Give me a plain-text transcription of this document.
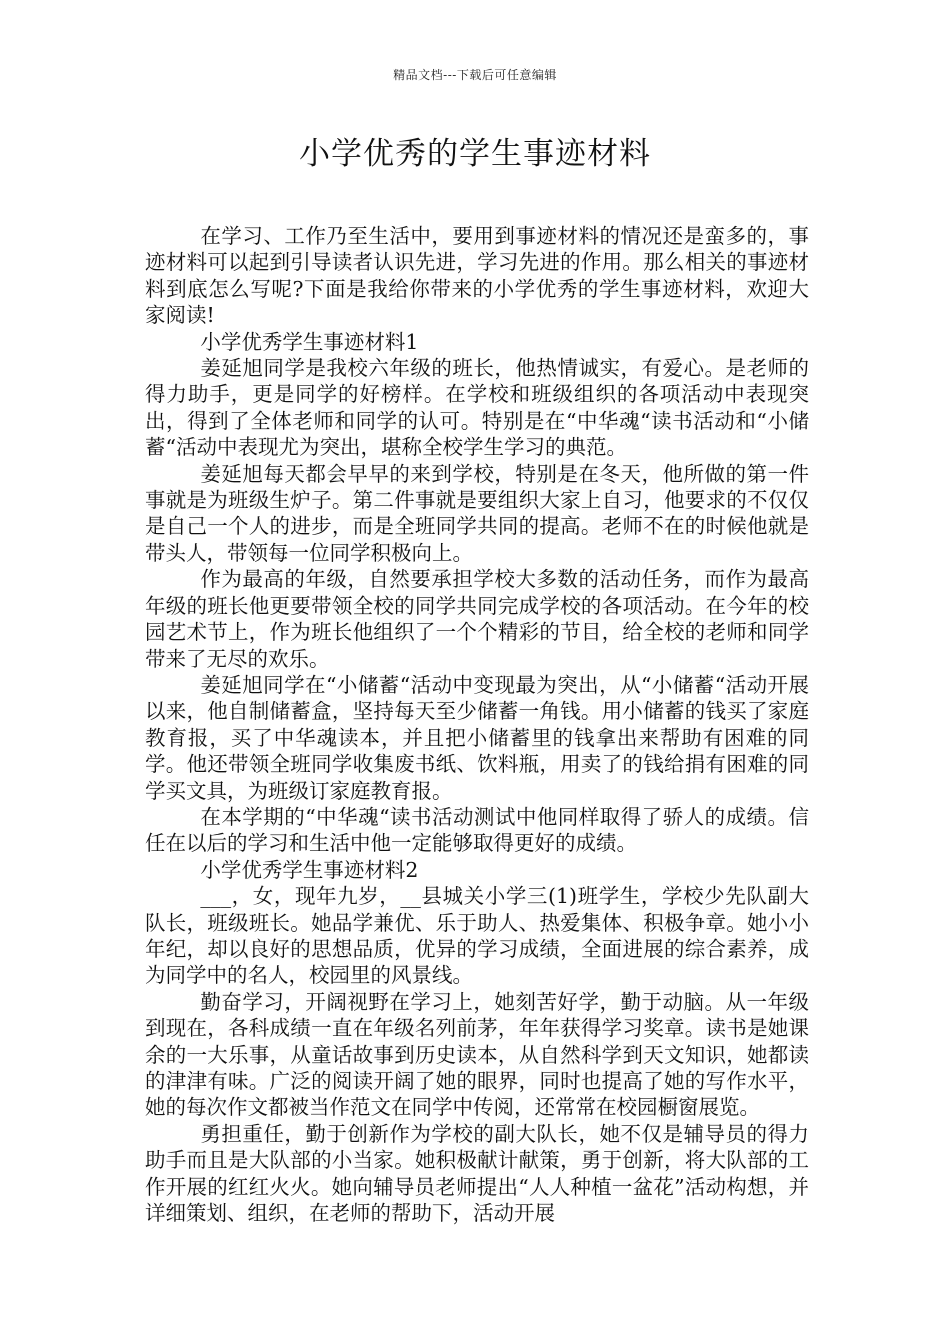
精品文档---下载后可任意编辑
小学优秀的学生事迹材料

在学习、工作乃至生活中，要用到事迹材料的情况还是蛮多的，事迹材料可以起到引导读者认识先进，学习先进的作用。那么相关的事迹材料到底怎么写呢?下面是我给你带来的小学优秀的学生事迹材料，欢迎大家阅读!

小学优秀学生事迹材料1

姜延旭同学是我校六年级的班长，他热情诚实，有爱心。是老师的得力助手，更是同学的好榜样。在学校和班级组织的各项活动中表现突出，得到了全体老师和同学的认可。特别是在“中华魂“读书活动和“小储蓄“活动中表现尤为突出，堪称全校学生学习的典范。

姜延旭每天都会早早的来到学校，特别是在冬天，他所做的第一件事就是为班级生炉子。第二件事就是要组织大家上自习，他要求的不仅仅是自己一个人的进步，而是全班同学共同的提高。老师不在的时候他就是带头人，带领每一位同学积极向上。

作为最高的年级，自然要承担学校大多数的活动任务，而作为最高年级的班长他更要带领全校的同学共同完成学校的各项活动。在今年的校园艺术节上，作为班长他组织了一个个精彩的节目，给全校的老师和同学带来了无尽的欢乐。

姜延旭同学在“小储蓄“活动中变现最为突出，从“小储蓄“活动开展以来，他自制储蓄盒，坚持每天至少储蓄一角钱。用小储蓄的钱买了家庭教育报，买了中华魂读本，并且把小储蓄里的钱拿出来帮助有困难的同学。他还带领全班同学收集废书纸、饮料瓶，用卖了的钱给捐有困难的同学买文具，为班级订家庭教育报。

在本学期的“中华魂“读书活动测试中他同样取得了骄人的成绩。信任在以后的学习和生活中他一定能够取得更好的成绩。

小学优秀学生事迹材料2

___，女，现年九岁，__县城关小学三(1)班学生，学校少先队副大队长，班级班长。她品学兼优、乐于助人、热爱集体、积极争章。她小小年纪，却以良好的思想品质，优异的学习成绩，全面进展的综合素养，成为同学中的名人，校园里的风景线。

勤奋学习，开阔视野在学习上，她刻苦好学，勤于动脑。从一年级到现在，各科成绩一直在年级名列前茅，年年获得学习奖章。读书是她课余的一大乐事，从童话故事到历史读本，从自然科学到天文知识，她都读的津津有味。广泛的阅读开阔了她的眼界，同时也提高了她的写作水平，她的每次作文都被当作范文在同学中传阅，还常常在校园橱窗展览。

勇担重任，勤于创新作为学校的副大队长，她不仅是辅导员的得力助手而且是大队部的小当家。她积极献计献策，勇于创新，将大队部的工作开展的红红火火。她向辅导员老师提出“人人种植一盆花”活动构想，并详细策划、组织，在老师的帮助下，活动开展
